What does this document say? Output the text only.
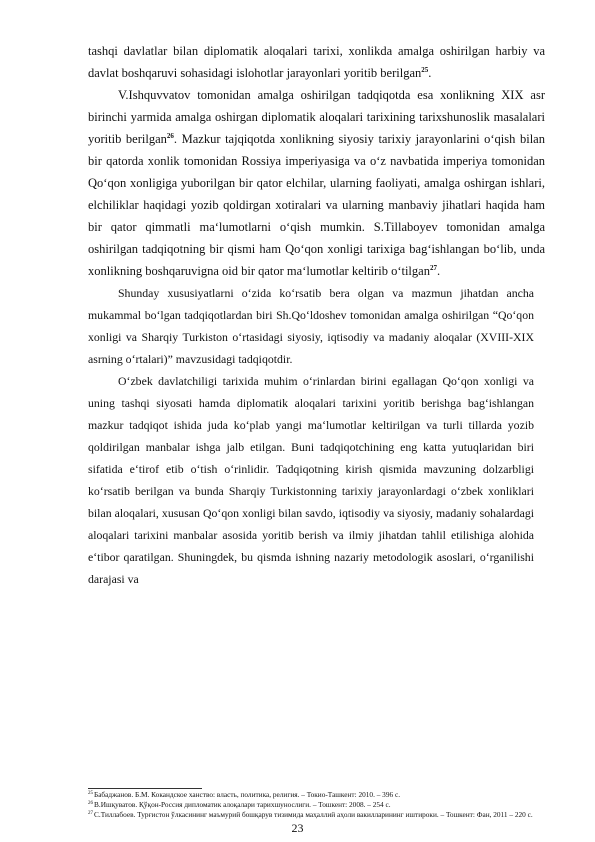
tashqi davlatlar bilan diplomatik aloqalari tarixi, xonlikda amalga oshirilgan harbiy va davlat boshqaruvi sohasidagi islohotlar jarayonlari yoritib berilgan$^{25}$.

V.Ishquvvatov tomonidan amalga oshirilgan tadqiqotda esa xonlikning XIX asr birinchi yarmida amalga oshirgan diplomatik aloqalari tarixining tarixshunoslik masalalari yoritib berilgan$^{26}$. Mazkur tajqiqotda xonlikning siyosiy tarixiy jarayonlarini o‘qish bilan bir qatorda xonlik tomonidan Rossiya imperiyasiga va o‘z navbatida imperiya tomonidan Qo‘qon xonligiga yuborilgan bir qator elchilar, ularning faoliyati, amalga oshirgan ishlari, elchiliklar haqidagi yozib qoldirgan xotiralari va ularning manbaviy jihatlari haqida ham bir qator qimmatli ma‘lumotlarni o‘qish mumkin. S.Tillaboyev tomonidan amalga oshirilgan tadqiqotning bir qismi ham Qo‘qon xonligi tarixiga bag‘ishlangan bo‘lib, unda xonlikning boshqaruvigna oid bir qator ma‘lumotlar keltirib o‘tilgan$^{27}$.

Shunday xususiyatlarni o‘zida ko‘rsatib bera olgan va mazmun jihatdan ancha mukammal bo‘lgan tadqiqotlardan biri Sh.Qo‘ldoshev tomonidan amalga oshirilgan “Qo‘qon xonligi va Sharqiy Turkiston o‘rtasidagi siyosiy, iqtisodiy va madaniy aloqalar (XVIII-XIX asrning o‘rtalari)” mavzusidagi tadqiqotdir.

O‘zbek davlatchiligi tarixida muhim o‘rinlardan birini egallagan Qo‘qon xonligi va uning tashqi siyosati hamda diplomatik aloqalari tarixini yoritib berishga bag‘ishlangan mazkur tadqiqot ishida juda ko‘plab yangi ma‘lumotlar keltirilgan va turli tillarda yozib qoldirilgan manbalar ishga jalb etilgan. Buni tadqiqotchining eng katta yutuqlaridan biri sifatida e‘tirof etib o‘tish o‘rinlidir. Tadqiqotning kirish qismida mavzuning dolzarbligi ko‘rsatib berilgan va bunda Sharqiy Turkistonning tarixiy jarayonlardagi o‘zbek xonliklari bilan aloqalari, xususan Qo‘qon xonligi bilan savdo, iqtisodiy va siyosiy, madaniy sohalardagi aloqalari tarixini manbalar asosida yoritib berish va ilmiy jihatdan tahlil etilishiga alohida e‘tibor qaratilgan. Shuningdek, bu qismda ishning nazariy metodologik asoslari, o‘rganilishi darajasi va

$^{25}$Бабаджанов. Б.М. Кокандское ханство: власть, политика, религия. – Токио-Ташкент: 2010. – 396 c.

$^{26}$В.Ишқуватов. Қўқон-Россия дипломатик алоқалари тарихшунослиги. – Тошкент: 2008. – 254 c.

$^{27}$С.Тиллабоев. Турғистон ўлкасининг маъмурий бошқарув тизимида маҳаллий аҳоли вакилларининг иштироки. – Тошкент: Фан, 2011 – 220 с.

23
